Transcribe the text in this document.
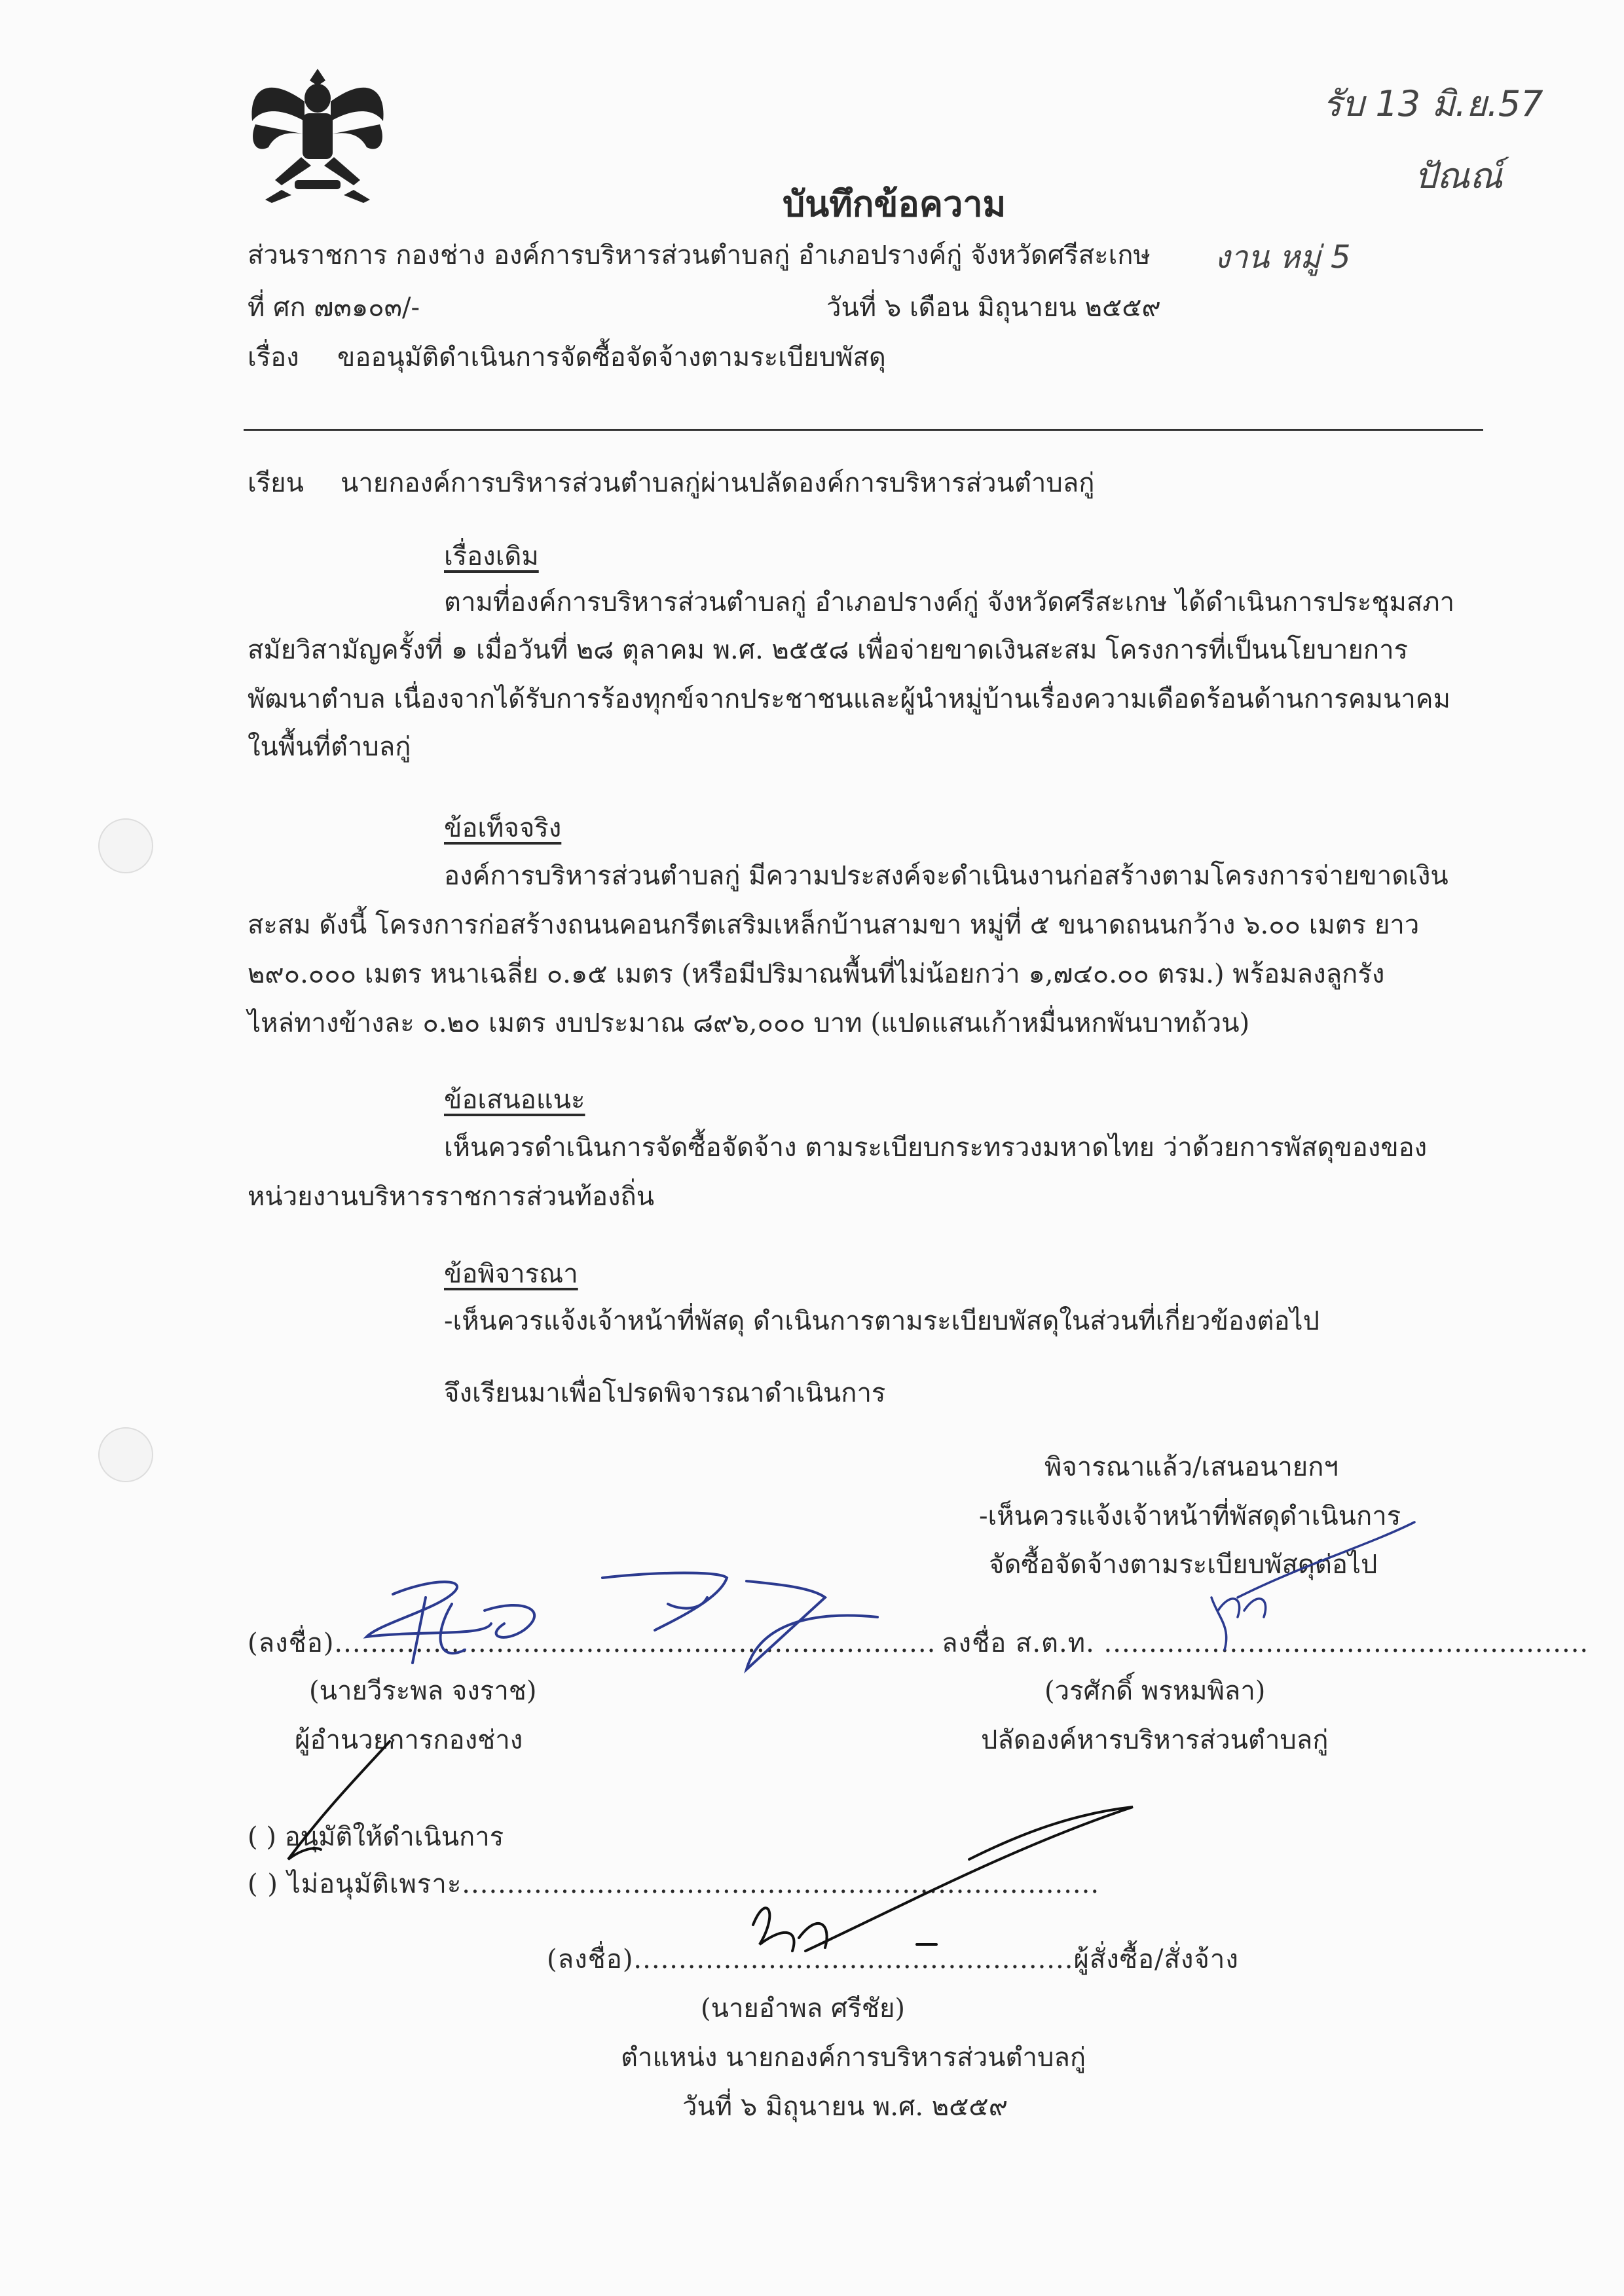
บันทึกข้อความ
รับ 13 มิ.ย.57
ปัณณ์
งาน หมู่ 5
ส่วนราชการ กองช่าง องค์การบริหารส่วนตำบลกู่ อำเภอปรางค์กู่ จังหวัดศรีสะเกษ
ที่ ศก ๗๓๑๐๓/-	วันที่ ๖ เดือน มิถุนายน ๒๕๕๙
เรื่อง ขออนุมัติดำเนินการจัดซื้อจัดจ้างตามระเบียบพัสดุ
เรียน นายกองค์การบริหารส่วนตำบลกู่ผ่านปลัดองค์การบริหารส่วนตำบลกู่
เรื่องเดิม
ตามที่องค์การบริหารส่วนตำบลกู่ อำเภอปรางค์กู่ จังหวัดศรีสะเกษ ได้ดำเนินการประชุมสภา
สมัยวิสามัญครั้งที่ ๑ เมื่อวันที่ ๒๘ ตุลาคม พ.ศ. ๒๕๕๘ เพื่อจ่ายขาดเงินสะสม โครงการที่เป็นนโยบายการ
พัฒนาตำบล เนื่องจากได้รับการร้องทุกข์จากประชาชนและผู้นำหมู่บ้านเรื่องความเดือดร้อนด้านการคมนาคม
ในพื้นที่ตำบลกู่
ข้อเท็จจริง
องค์การบริหารส่วนตำบลกู่ มีความประสงค์จะดำเนินงานก่อสร้างตามโครงการจ่ายขาดเงิน
สะสม ดังนี้ โครงการก่อสร้างถนนคอนกรีตเสริมเหล็กบ้านสามขา หมู่ที่ ๕ ขนาดถนนกว้าง ๖.๐๐ เมตร ยาว
๒๙๐.๐๐๐ เมตร หนาเฉลี่ย ๐.๑๕ เมตร (หรือมีปริมาณพื้นที่ไม่น้อยกว่า ๑,๗๔๐.๐๐ ตรม.) พร้อมลงลูกรัง
ไหล่ทางข้างละ ๐.๒๐ เมตร งบประมาณ ๘๙๖,๐๐๐ บาท (แปดแสนเก้าหมื่นหกพันบาทถ้วน)
ข้อเสนอแนะ
เห็นควรดำเนินการจัดซื้อจัดจ้าง ตามระเบียบกระทรวงมหาดไทย ว่าด้วยการพัสดุของของ
หน่วยงานบริหารราชการส่วนท้องถิ่น
ข้อพิจารณา
-เห็นควรแจ้งเจ้าหน้าที่พัสดุ ดำเนินการตามระเบียบพัสดุในส่วนที่เกี่ยวข้องต่อไป
จึงเรียนมาเพื่อโปรดพิจารณาดำเนินการ
พิจารณาแล้ว/เสนอนายกฯ
-เห็นควรแจ้งเจ้าหน้าที่พัสดุดำเนินการ
จัดซื้อจัดจ้างตามระเบียบพัสดุต่อไป
ลงชื่อ ส.ต.ท. ......................................................
(วรศักดิ์ พรหมพิลา)
ปลัดองค์หารบริหารส่วนตำบลกู่
(ลงชื่อ)...................................................................
(นายวีระพล จงราช)
ผู้อำนวยการกองช่าง
( ) อนุมัติให้ดำเนินการ
( ) ไม่อนุมัติเพราะ.......................................................................
(ลงชื่อ).................................................ผู้สั่งซื้อ/สั่งจ้าง
(นายอำพล ศรีชัย)
ตำแหน่ง นายกองค์การบริหารส่วนตำบลกู่
วันที่ ๖ มิถุนายน พ.ศ. ๒๕๕๙
